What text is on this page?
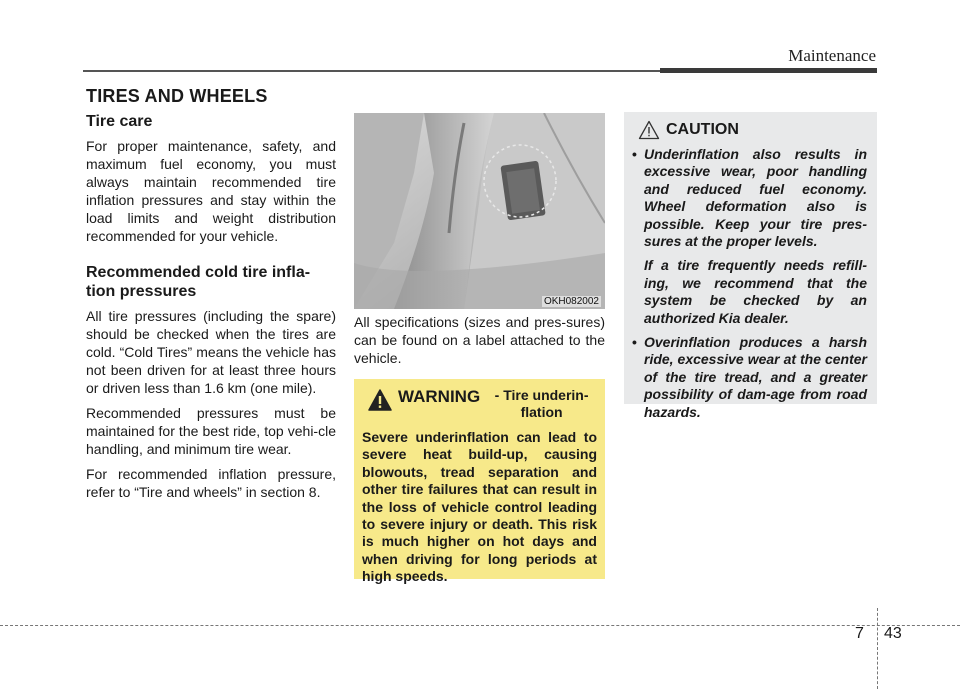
Maintenance
TIRES AND WHEELS
Tire care

For proper maintenance, safety, and maximum fuel economy, you must always maintain recommended tire inflation pressures and stay within the load limits and weight distribution recommended for your vehicle.

Recommended cold tire infla-tion pressures

All tire pressures (including the spare) should be checked when the tires are cold. “Cold Tires” means the vehicle has not been driven for at least three hours or driven less than 1.6 km (one mile).

Recommended pressures must be maintained for the best ride, top vehi-cle handling, and minimum tire wear.

For recommended inflation pressure, refer to “Tire and wheels” in section 8.

OKH082002

All specifications (sizes and pres-sures) can be found on a label attached to the vehicle.

WARNING	- Tire underin-flation

Severe underinflation can lead to severe heat build-up, causing blowouts, tread separation and other tire failures that can result in the loss of vehicle control leading to severe injury or death. This risk is much higher on hot days and when driving for long periods at high speeds.

CAUTION

• Underinflation also results in excessive wear, poor handling and reduced fuel economy. Wheel deformation also is possible. Keep your tire pres-sures at the proper levels.

If a tire frequently needs refill-ing, we recommend that the system be checked by an authorized Kia dealer.

• Overinflation produces a harsh ride, excessive wear at the center of the tire tread, and a greater possibility of dam-age from road hazards.

7 43
